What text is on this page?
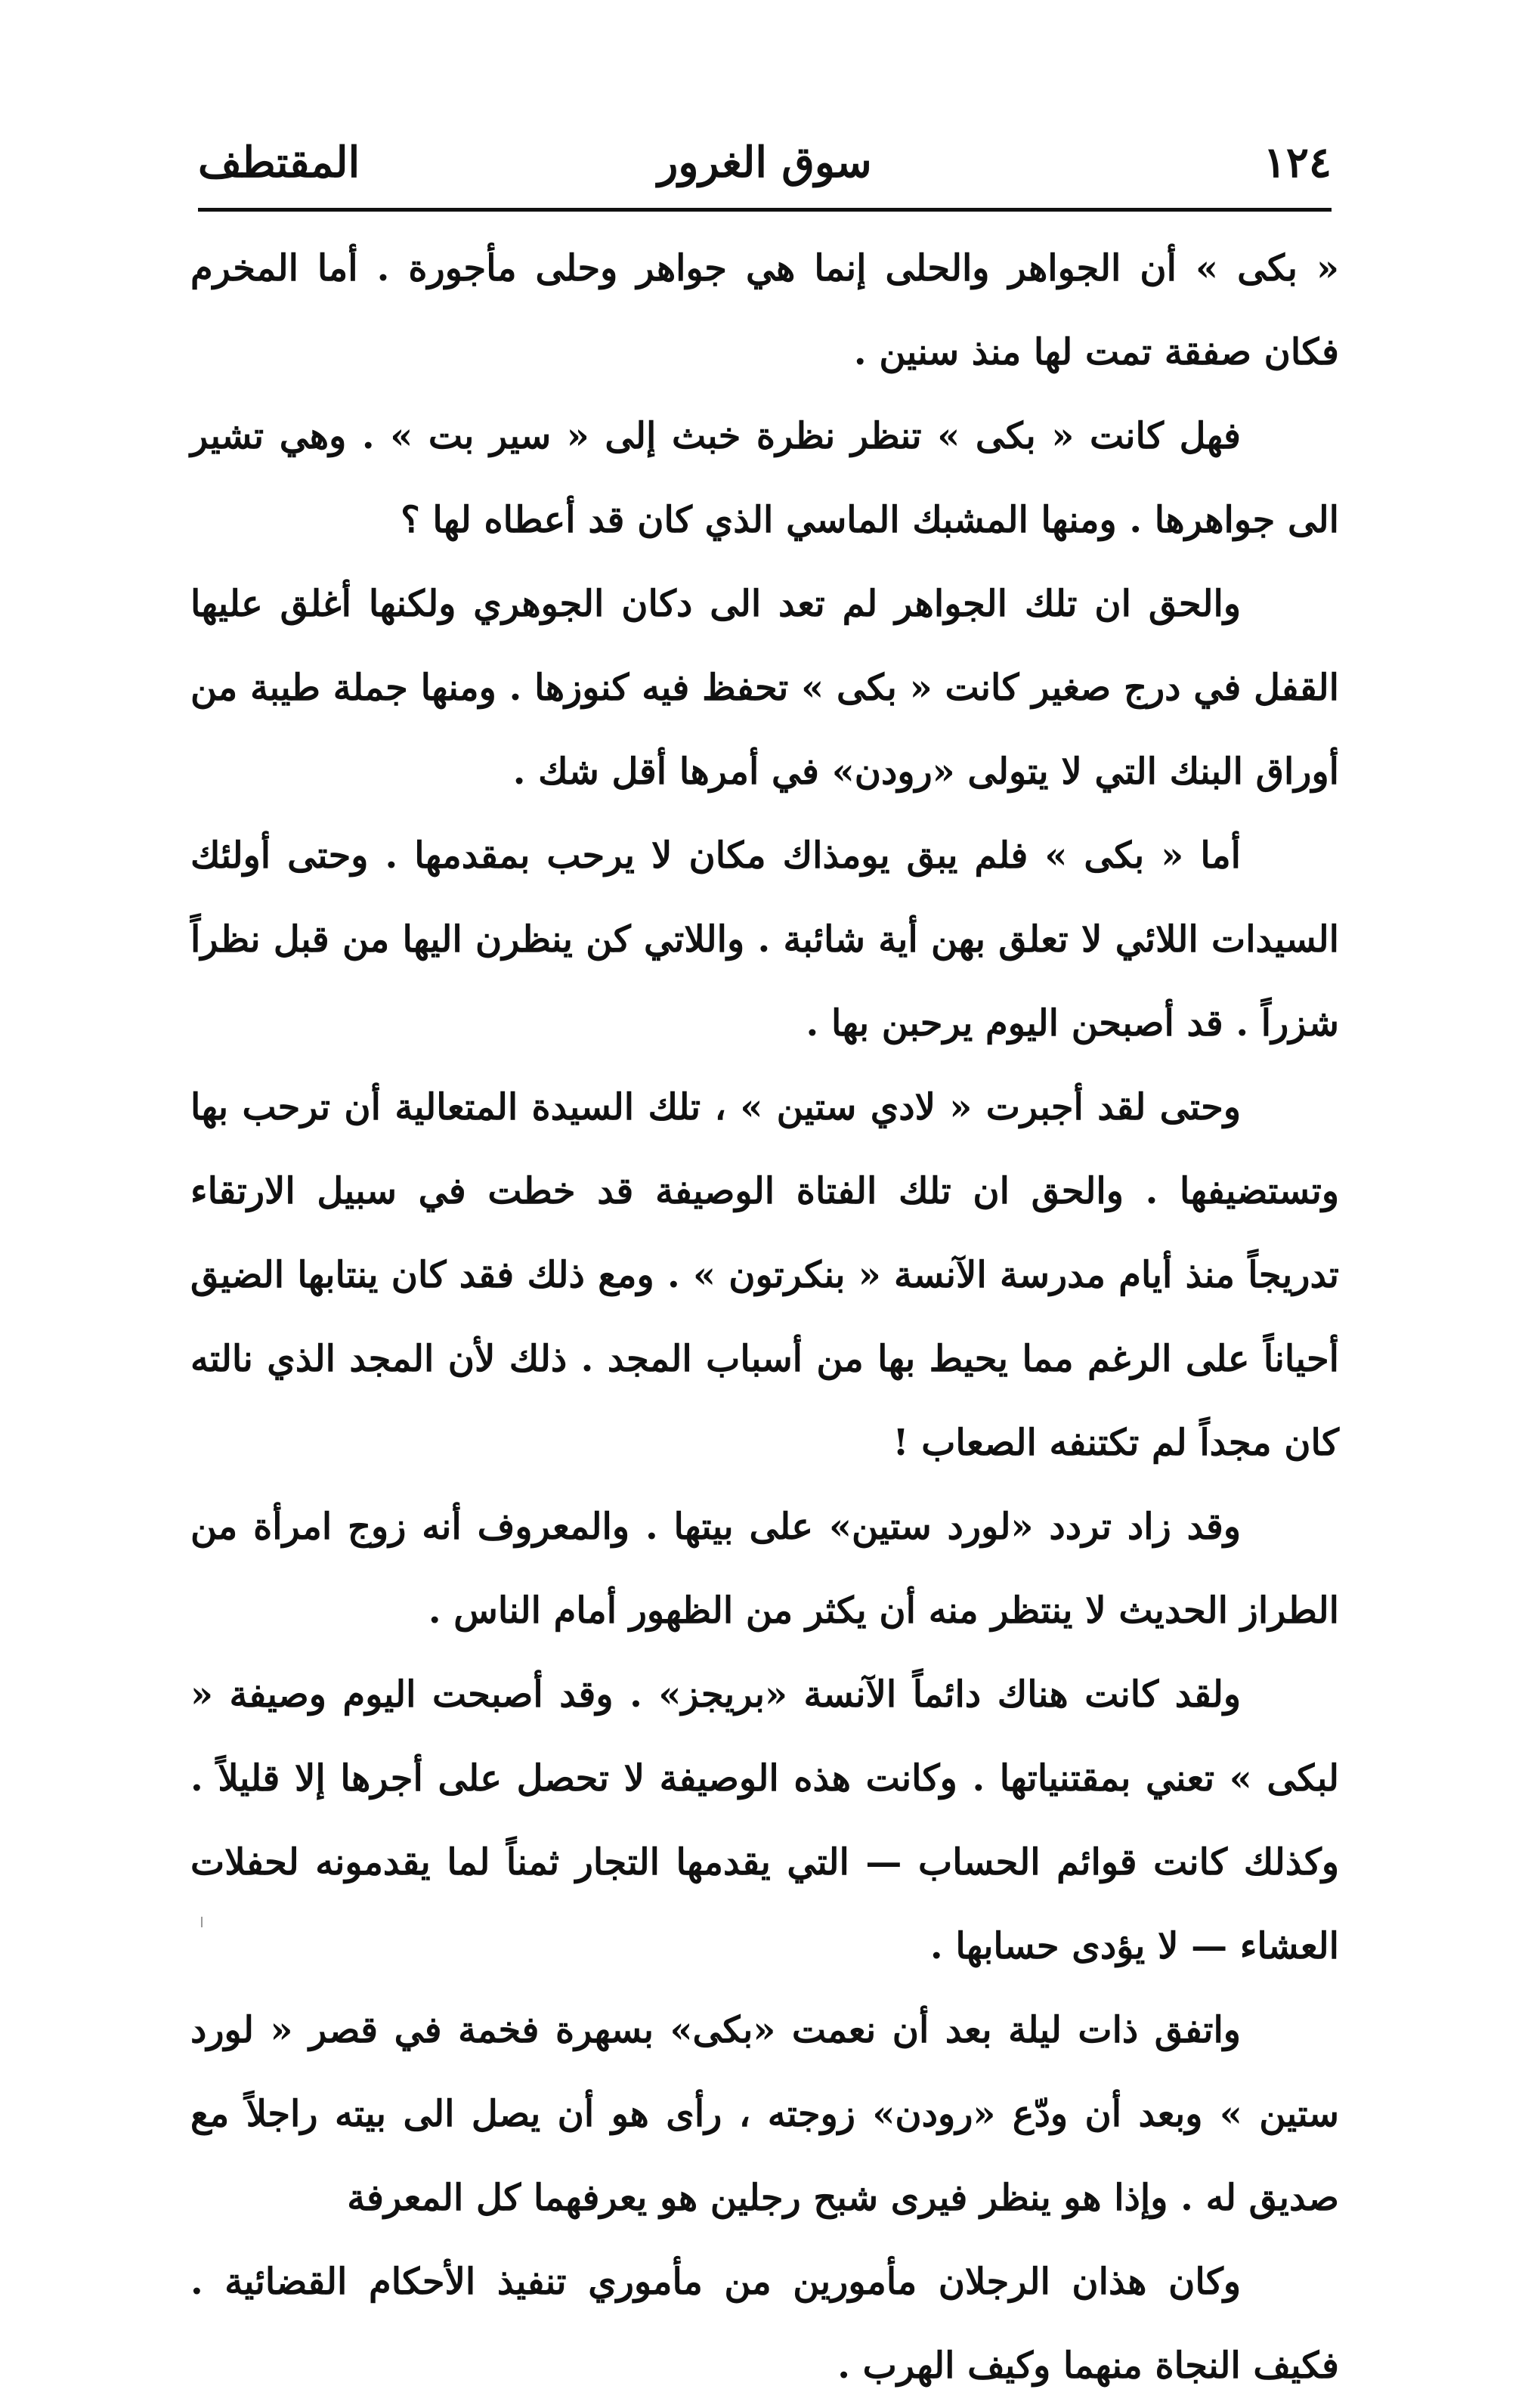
١٢٤
سوق الغرور
المقتطف

« بكى » أن الجواهر والحلى إنما هي جواهر وحلى مأجورة . أما المخرم فكان صفقة تمت لها منذ سنين .

فهل كانت « بكى » تنظر نظرة خبث إلى « سير بت » . وهي تشير الى جواهرها . ومنها المشبك الماسي الذي كان قد أعطاه لها ؟

والحق ان تلك الجواهر لم تعد الى دكان الجوهري ولكنها أغلق عليها القفل في درج صغير كانت « بكى » تحفظ فيه كنوزها . ومنها جملة طيبة من أوراق البنك التي لا يتولى «رودن» في أمرها أقل شك .

أما « بكى » فلم يبق يومذاك مكان لا يرحب بمقدمها . وحتى أولئك السيدات اللائي لا تعلق بهن أية شائبة . واللاتي كن ينظرن اليها من قبل نظراً شزراً . قد أصبحن اليوم يرحبن بها .

وحتى لقد أجبرت « لادي ستين » ، تلك السيدة المتعالية أن ترحب بها وتستضيفها . والحق ان تلك الفتاة الوصيفة قد خطت في سبيل الارتقاء تدريجاً منذ أيام مدرسة الآنسة « بنكرتون » . ومع ذلك فقد كان ينتابها الضيق أحياناً على الرغم مما يحيط بها من أسباب المجد . ذلك لأن المجد الذي نالته كان مجداً لم تكتنفه الصعاب !

وقد زاد تردد «لورد ستين» على بيتها . والمعروف أنه زوج امرأة من الطراز الحديث لا ينتظر منه أن يكثر من الظهور أمام الناس .

ولقد كانت هناك دائماً الآنسة «بريجز» . وقد أصبحت اليوم وصيفة « لبكى » تعني بمقتنياتها . وكانت هذه الوصيفة لا تحصل على أجرها إلا قليلاً . وكذلك كانت قوائم الحساب — التي يقدمها التجار ثمناً لما يقدمونه لحفلات العشاء — لا يؤدى حسابها .

واتفق ذات ليلة بعد أن نعمت «بكى» بسهرة فخمة في قصر « لورد ستين » وبعد أن ودّع «رودن» زوجته ، رأى هو أن يصل الى بيته راجلاً مع صديق له . وإذا هو ينظر فيرى شبح رجلين هو يعرفهما كل المعرفة

وكان هذان الرجلان مأمورين من مأموري تنفيذ الأحكام القضائية . فكيف النجاة منهما وكيف الهرب .
